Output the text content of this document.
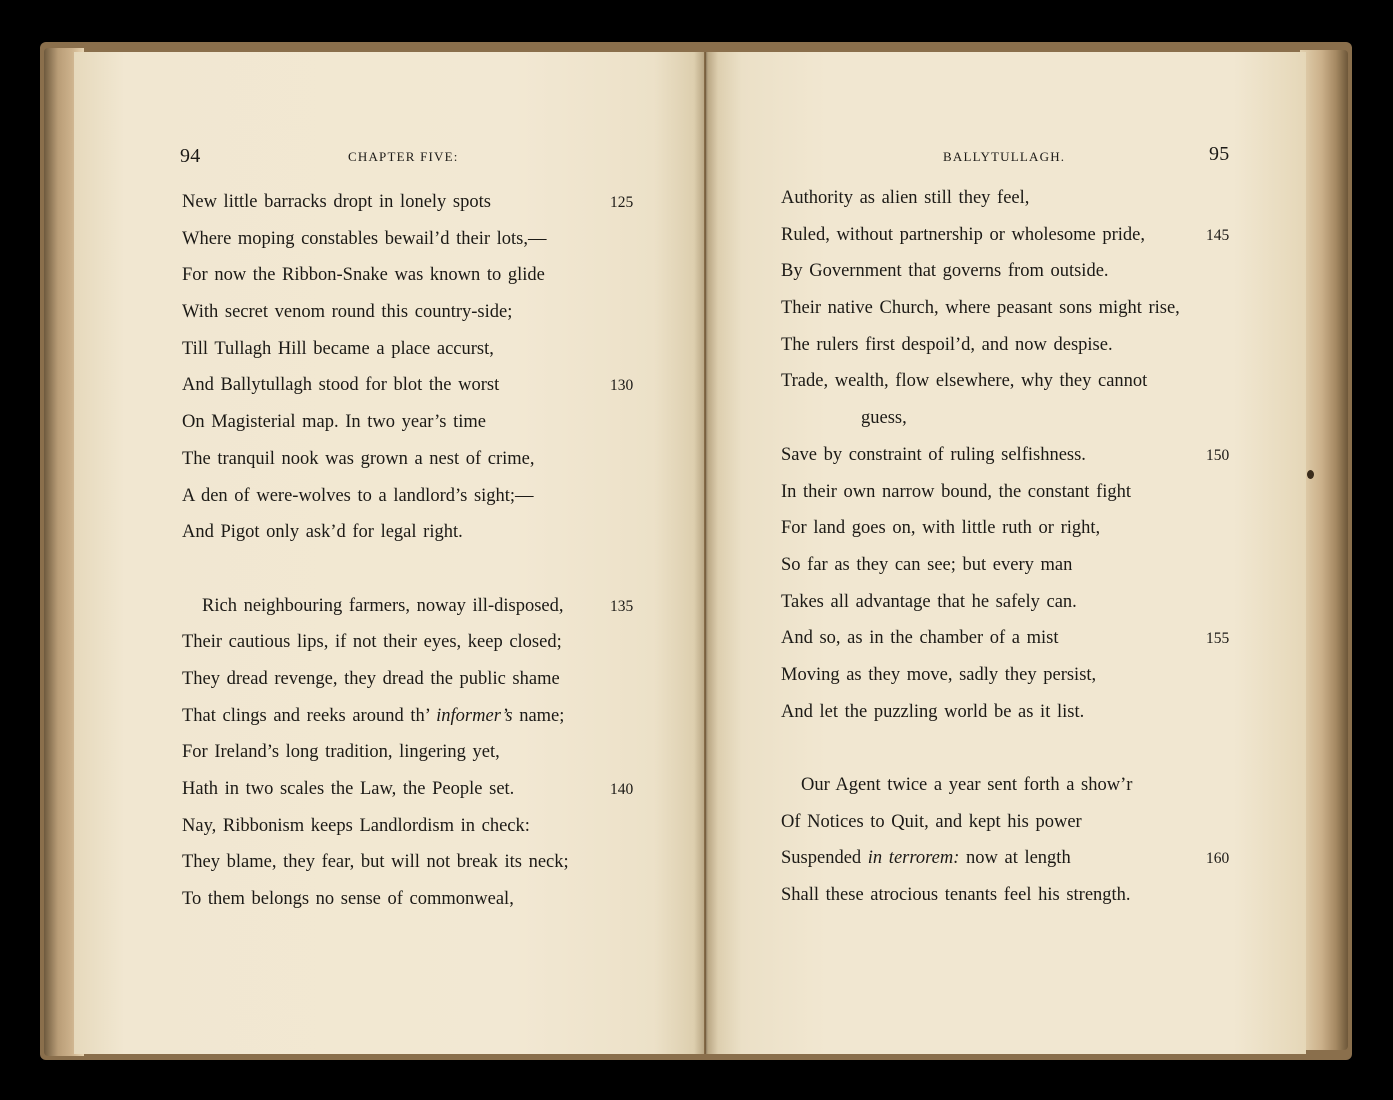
94	CHAPTER FIVE:
New little barracks dropt in lonely spots	125
Where moping constables bewail’d their lots,—
For now the Ribbon-Snake was known to glide
With secret venom round this country-side;
Till Tullagh Hill became a place accurst,
And Ballytullagh stood for blot the worst	130
On Magisterial map. In two year’s time
The tranquil nook was grown a nest of crime,
A den of were-wolves to a landlord’s sight;—
And Pigot only ask’d for legal right.
Rich neighbouring farmers, noway ill-disposed,	135
Their cautious lips, if not their eyes, keep closed;
They dread revenge, they dread the public shame
That clings and reeks around th’ informer’s name;
For Ireland’s long tradition, lingering yet,
Hath in two scales the Law, the People set.	140
Nay, Ribbonism keeps Landlordism in check:
They blame, they fear, but will not break its neck;
To them belongs no sense of commonweal,
BALLYTULLAGH.	95
Authority as alien still they feel,
Ruled, without partnership or wholesome pride,	145
By Government that governs from outside.
Their native Church, where peasant sons might rise,
The rulers first despoil’d, and now despise.
Trade, wealth, flow elsewhere, why they cannot
guess,
Save by constraint of ruling selfishness.	150
In their own narrow bound, the constant fight
For land goes on, with little ruth or right,
So far as they can see; but every man
Takes all advantage that he safely can.
And so, as in the chamber of a mist	155
Moving as they move, sadly they persist,
And let the puzzling world be as it list.
Our Agent twice a year sent forth a show’r
Of Notices to Quit, and kept his power
Suspended in terrorem: now at length	160
Shall these atrocious tenants feel his strength.
